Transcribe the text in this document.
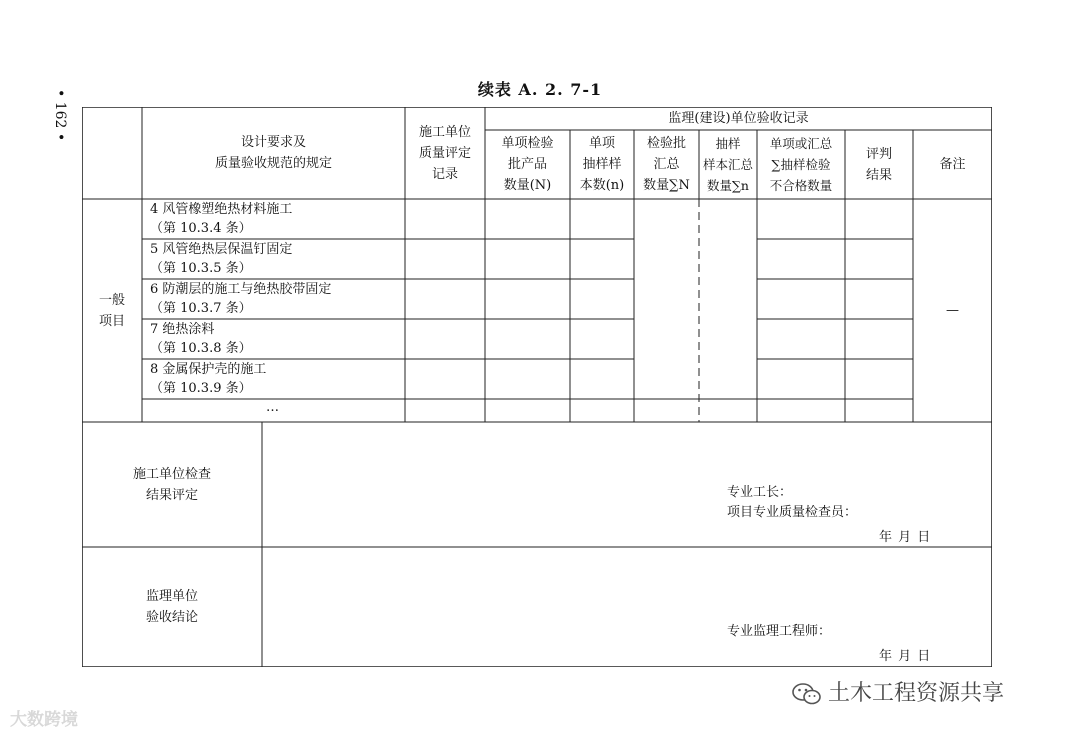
• 162 •	续表 A. 2. 7-1
设计要求及
质量验收规范的规定
施工单位
质量评定
记录
监理(建设)单位验收记录
单项检验
批产品
数量(N)
单项
抽样样
本数(n)
检验批
汇总
数量∑N
抽样
样本汇总
数量∑n
单项或汇总
∑抽样检验
不合格数量
评判
结果
备注
一般
项目
—
4 风管橡塑绝热材料施工
（第 10.3.4 条）
5 风管绝热层保温钉固定
（第 10.3.5 条）
6 防潮层的施工与绝热胶带固定
（第 10.3.7 条）
7 绝热涂料
（第 10.3.8 条）
8 金属保护壳的施工
（第 10.3.9 条）
…
施工单位检查
结果评定	专业工长：
项目专业质量检查员：
年 月 日
监理单位
验收结论
专业监理工程师：
年 月 日
大数跨境
土木工程资源共享
